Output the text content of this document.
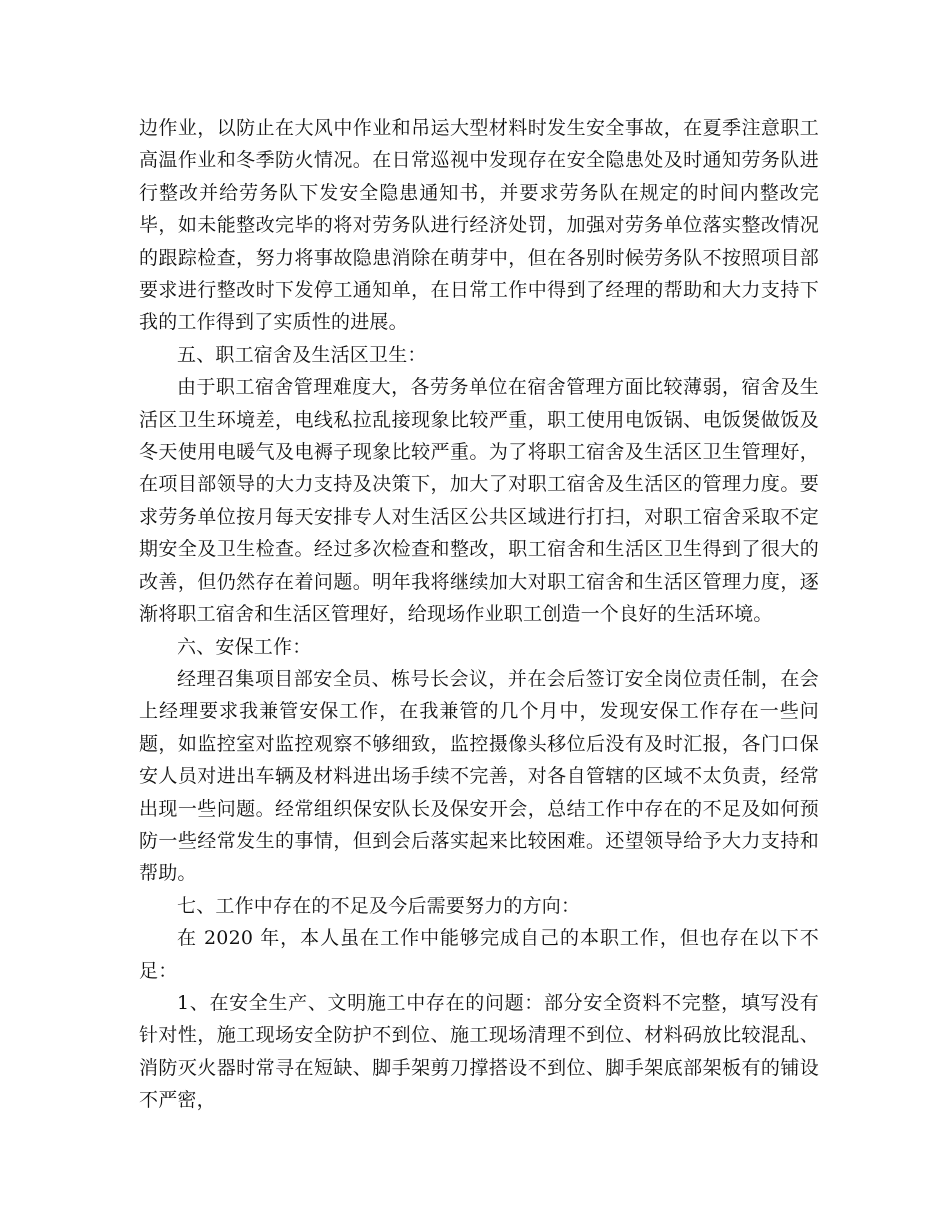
边作业，以防止在大风中作业和吊运大型材料时发生安全事故，在夏季注意职工高温作业和冬季防火情况。在日常巡视中发现存在安全隐患处及时通知劳务队进行整改并给劳务队下发安全隐患通知书，并要求劳务队在规定的时间内整改完毕，如未能整改完毕的将对劳务队进行经济处罚，加强对劳务单位落实整改情况的跟踪检查，努力将事故隐患消除在萌芽中，但在各别时候劳务队不按照项目部要求进行整改时下发停工通知单，在日常工作中得到了经理的帮助和大力支持下我的工作得到了实质性的进展。

五、职工宿舍及生活区卫生：

由于职工宿舍管理难度大，各劳务单位在宿舍管理方面比较薄弱，宿舍及生活区卫生环境差，电线私拉乱接现象比较严重，职工使用电饭锅、电饭煲做饭及冬天使用电暖气及电褥子现象比较严重。为了将职工宿舍及生活区卫生管理好，在项目部领导的大力支持及决策下，加大了对职工宿舍及生活区的管理力度。要求劳务单位按月每天安排专人对生活区公共区域进行打扫，对职工宿舍采取不定期安全及卫生检查。经过多次检查和整改，职工宿舍和生活区卫生得到了很大的改善，但仍然存在着问题。明年我将继续加大对职工宿舍和生活区管理力度，逐渐将职工宿舍和生活区管理好，给现场作业职工创造一个良好的生活环境。

六、安保工作：

经理召集项目部安全员、栋号长会议，并在会后签订安全岗位责任制，在会上经理要求我兼管安保工作，在我兼管的几个月中，发现安保工作存在一些问题，如监控室对监控观察不够细致，监控摄像头移位后没有及时汇报，各门口保安人员对进出车辆及材料进出场手续不完善，对各自管辖的区域不太负责，经常出现一些问题。经常组织保安队长及保安开会，总结工作中存在的不足及如何预防一些经常发生的事情，但到会后落实起来比较困难。还望领导给予大力支持和帮助。

七、工作中存在的不足及今后需要努力的方向：

在 2020 年，本人虽在工作中能够完成自己的本职工作，但也存在以下不足：

1、在安全生产、文明施工中存在的问题：部分安全资料不完整，填写没有针对性，施工现场安全防护不到位、施工现场清理不到位、材料码放比较混乱、消防灭火器时常寻在短缺、脚手架剪刀撑搭设不到位、脚手架底部架板有的铺设不严密，
